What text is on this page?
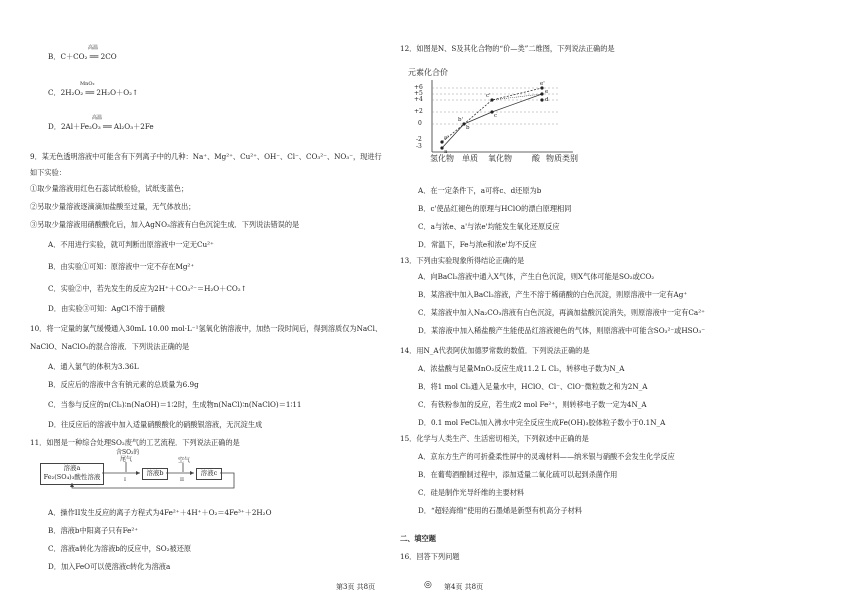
高温
B．C＋CO₂ ══ 2CO
MnO₂
C．2H₂O₂ ══ 2H₂O＋O₂↑
高温
D．2Al＋Fe₂O₃ ══ Al₂O₃＋2Fe
9．某无色透明溶液中可能含有下列离子中的几种：Na⁺、Mg²⁺、Cu²⁺、OH⁻、Cl⁻、CO₃²⁻、NO₃⁻，现进行
如下实验：
①取少量溶液用红色石蕊试纸检验，试纸变蓝色；
②另取少量溶液逐滴滴加盐酸至过量，无气体放出；
③另取少量溶液用硝酸酸化后，加入AgNO₃溶液有白色沉淀生成．下列说法错误的是
A．不用进行实验，就可判断出原溶液中一定无Cu²⁺
B．由实验①可知：原溶液中一定不存在Mg²⁺
C．实验②中，若先发生的反应为2H⁺＋CO₃²⁻＝H₂O＋CO₂↑
D．由实验③可知：AgCl不溶于硝酸
10．将一定量的氯气缓慢通入30mL 10.00 mol·L⁻¹氢氧化钠溶液中，加热一段时间后，得到溶质仅为NaCl、
NaClO、NaClO₃的混合溶液．下列说法正确的是
A．通入氯气的体积为3.36L
B．反应后的溶液中含有钠元素的总质量为6.9g
C．当参与反应的n(Cl₂)∶n(NaOH)＝1∶2时，生成物n(NaCl)∶n(NaClO)＝1∶11
D．往反应后的溶液中加入适量硝酸酸化的硝酸银溶液，无沉淀生成
11．如图是一种综合处理SO₂废气的工艺流程．下列说法正确的是
含SO₂的
尾气	空气
溶液a
Fe₂(SO₄)₃酸性溶液	溶液b	溶液c
I	II
A．操作II发生反应的离子方程式为4Fe²⁺＋4H⁺＋O₂＝4Fe³⁺＋2H₂O
B．溶液b中阳离子只有Fe²⁺
C．溶液a转化为溶液b的反应中，SO₂被还原
D．加入FeO可以使溶液c转化为溶液a
12．如图是N、S及其化合物的“价—类”二维图，下列说法正确的是
元素化合价
+6
+5
+4
+2
0
-2
-3
氢化物 单质 氧化物	酸 物质类别
a'
a
b'
b
c'
c
d
e'
e
A．在一定条件下，a可将c、d还原为b
B．c'使品红褪色的原理与HClO的漂白原理相同
C．a与浓e、a'与浓e'均能发生氧化还原反应
D．常温下，Fe与浓e和浓e'均不反应
13．下列由实验现象所得结论正确的是
A．向BaCl₂溶液中通入X气体，产生白色沉淀，则X气体可能是SO₂或CO₂
B．某溶液中加入BaCl₂溶液，产生不溶于稀硝酸的白色沉淀，则原溶液中一定有Ag⁺
C．某溶液中加入Na₂CO₃溶液有白色沉淀，再滴加盐酸沉淀消失，则原溶液中一定有Ca²⁺
D．某溶液中加入稀盐酸产生能使品红溶液褪色的气体，则原溶液中可能含SO₃²⁻或HSO₃⁻
14．用N_A代表阿伏加德罗常数的数值．下列说法正确的是
A．浓盐酸与足量MnO₂反应生成11.2 L Cl₂，转移电子数为N_A
B．将1 mol Cl₂通入足量水中，HClO、Cl⁻、ClO⁻微粒数之和为2N_A
C．有铁粉参加的反应，若生成2 mol Fe²⁺，则转移电子数一定为4N_A
D．0.1 mol FeCl₃加入沸水中完全反应生成Fe(OH)₃胶体粒子数小于0.1N_A
15．化学与人类生产、生活密切相关，下列叙述中正确的是
A．京东方生产的可折叠柔性屏中的灵魂材料——纳米银与硝酸不会发生化学反应
B．在葡萄酒酿制过程中，添加适量二氧化硫可以起到杀菌作用
C．硅是制作光导纤维的主要材料
D．“超轻海绵”使用的石墨烯是新型有机高分子材料
二、填空题
16．回答下列问题
第3页 共8页	◎ 第4页 共8页
